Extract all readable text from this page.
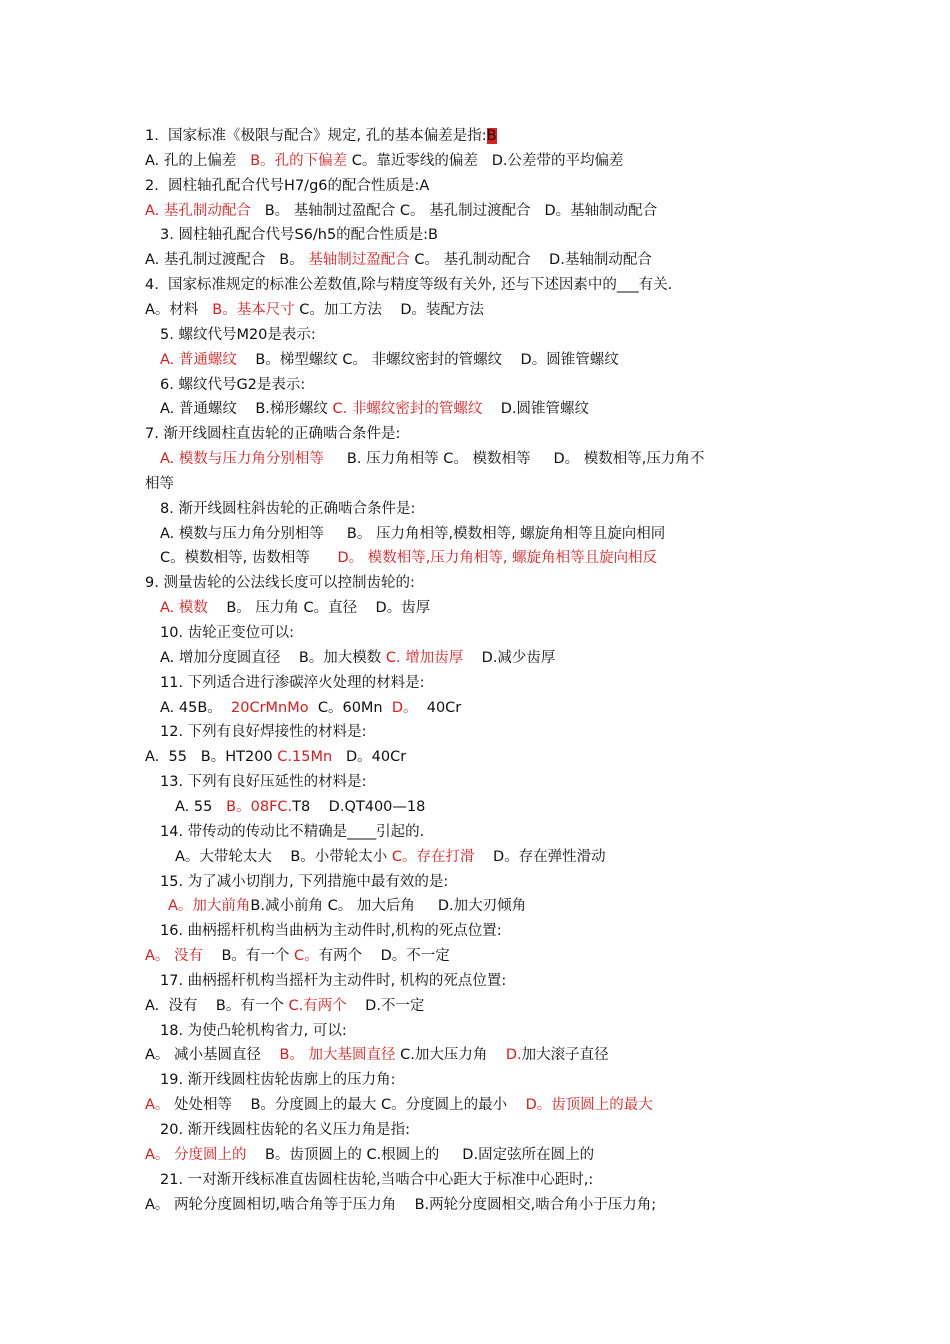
1.  国家标准《极限与配合》规定, 孔的基本偏差是指:B
A. 孔的上偏差   B。孔的下偏差 C。靠近零线的偏差   D.公差带的平均偏差
2.  圆柱轴孔配合代号H7/g6的配合性质是:A
A. 基孔制动配合   B。 基轴制过盈配合 C。 基孔制过渡配合   D。基轴制动配合
3. 圆柱轴孔配合代号S6/h5的配合性质是:B
A. 基孔制过渡配合   B。 基轴制过盈配合 C。 基孔制动配合    D.基轴制动配合
4.  国家标准规定的标准公差数值,除与精度等级有关外, 还与下述因素中的___有关.
A。材料   B。基本尺寸 C。加工方法    D。装配方法
5. 螺纹代号M20是表示:
A. 普通螺纹    B。梯型螺纹 C。 非螺纹密封的管螺纹    D。圆锥管螺纹
6. 螺纹代号G2是表示:
A. 普通螺纹    B.梯形螺纹 C. 非螺纹密封的管螺纹    D.圆锥管螺纹
7. 渐开线圆柱直齿轮的正确啮合条件是:
A. 模数与压力角分别相等     B. 压力角相等 C。 模数相等     D。 模数相等,压力角不
相等
8. 渐开线圆柱斜齿轮的正确啮合条件是:
A. 模数与压力角分别相等     B。 压力角相等,模数相等, 螺旋角相等且旋向相同
C。模数相等, 齿数相等      D。 模数相等,压力角相等, 螺旋角相等且旋向相反
9. 测量齿轮的公法线长度可以控制齿轮的:
A. 模数    B。 压力角 C。直径    D。齿厚
10. 齿轮正变位可以:
A. 增加分度圆直径    B。加大模数 C. 增加齿厚    D.减少齿厚
11. 下列适合进行渗碳淬火处理的材料是:
A. 45B。  20CrMnMo  C。60Mn  D。  40Cr
12. 下列有良好焊接性的材料是:
A.  55   B。HT200 C.15Mn   D。40Cr
13. 下列有良好压延性的材料是:
A. 55   B。08FC.T8    D.QT400—18
14. 带传动的传动比不精确是____引起的.
A。大带轮太大    B。小带轮太小 C。存在打滑    D。存在弹性滑动
15. 为了减小切削力, 下列措施中最有效的是:
A。加大前角B.减小前角 C。 加大后角     D.加大刃倾角
16. 曲柄摇杆机构当曲柄为主动件时,机构的死点位置:
A。 没有    B。有一个 C。有两个    D。不一定
17. 曲柄摇杆机构当摇杆为主动件时, 机构的死点位置:
A.  没有    B。有一个 C.有两个    D.不一定
18. 为使凸轮机构省力, 可以:
A。 减小基圆直径    B。 加大基圆直径 C.加大压力角    D.加大滚子直径
19. 渐开线圆柱齿轮齿廓上的压力角:
A。 处处相等    B。分度圆上的最大 C。分度圆上的最小    D。齿顶圆上的最大
20. 渐开线圆柱齿轮的名义压力角是指:
A。 分度圆上的    B。齿顶圆上的 C.根圆上的     D.固定弦所在圆上的
21. 一对渐开线标准直齿圆柱齿轮,当啮合中心距大于标准中心距时,:
A。 两轮分度圆相切,啮合角等于压力角    B.两轮分度圆相交,啮合角小于压力角;
